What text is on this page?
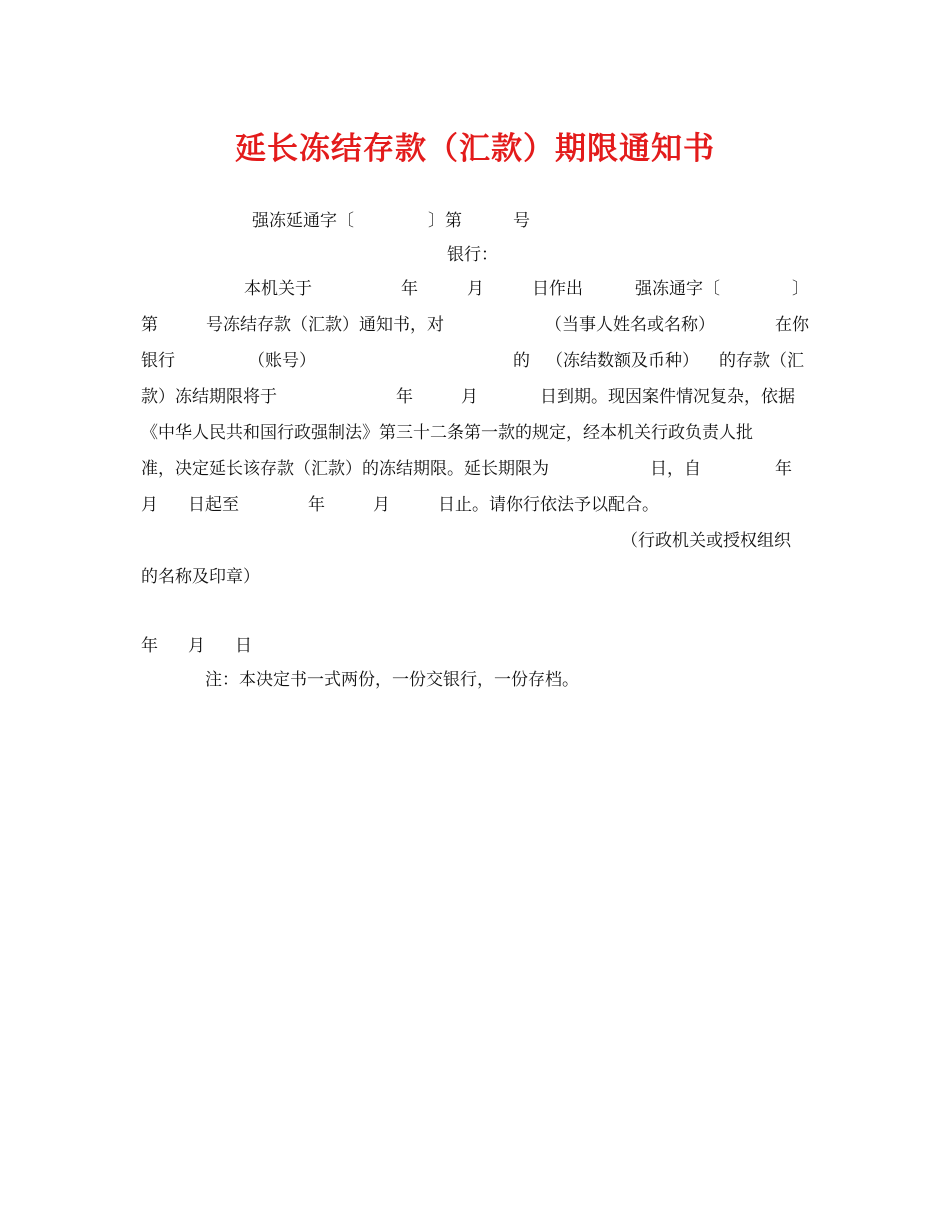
延长冻结存款（汇款）期限通知书
强冻延通字〔	〕第	号
银行：
本机关于	年	月	日作出	强冻通字〔	〕
第	号冻结存款（汇款）通知书，对	（当事人姓名或名称）	在你
银行	（账号）	的 （冻结数额及币种） 的存款（汇
款）冻结期限将于	年	月	日到期。现因案件情况复杂，依据
《中华人民共和国行政强制法》第三十二条第一款的规定，经本机关行政负责人批
准，决定延长该存款（汇款）的冻结期限。延长期限为	日，自	年
月 日起至	年	月	日止。请你行依法予以配合。
（行政机关或授权组织
的名称及印章）
年 月 日
注：本决定书一式两份，一份交银行，一份存档。
